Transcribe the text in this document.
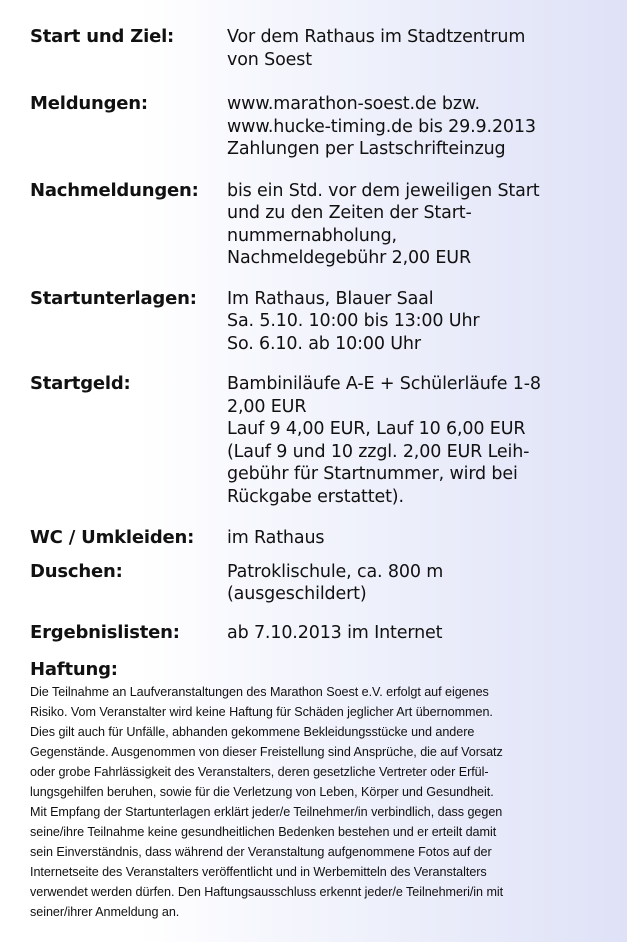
Start und Ziel:	Vor dem Rathaus im Stadtzentrum
von Soest
Meldungen:	www.marathon-soest.de bzw.
www.hucke-timing.de bis 29.9.2013
Zahlungen per Lastschrifteinzug
Nachmeldungen:	bis ein Std. vor dem jeweiligen Start
und zu den Zeiten der Start-
nummernabholung,
Nachmeldegebühr 2,00 EUR
Startunterlagen:	Im Rathaus, Blauer Saal
Sa. 5.10. 10:00 bis 13:00 Uhr
So. 6.10. ab 10:00 Uhr
Startgeld:	Bambiniläufe A-E + Schülerläufe 1-8
2,00 EUR
Lauf 9 4,00 EUR, Lauf 10 6,00 EUR
(Lauf 9 und 10 zzgl. 2,00 EUR Leih-
gebühr für Startnummer, wird bei
Rückgabe erstattet).
WC / Umkleiden:	im Rathaus
Duschen:	Patroklischule, ca. 800 m
(ausgeschildert)
Ergebnislisten:	ab 7.10.2013 im Internet
Haftung:
Die Teilnahme an Laufveranstaltungen des Marathon Soest e.V. erfolgt auf eigenes
Risiko. Vom Veranstalter wird keine Haftung für Schäden jeglicher Art übernommen.
Dies gilt auch für Unfälle, abhanden gekommene Bekleidungsstücke und andere
Gegenstände. Ausgenommen von dieser Freistellung sind Ansprüche, die auf Vorsatz
oder grobe Fahrlässigkeit des Veranstalters, deren gesetzliche Vertreter oder Erfül-
lungsgehilfen beruhen, sowie für die Verletzung von Leben, Körper und Gesundheit.
Mit Empfang der Startunterlagen erklärt jeder/e Teilnehmer/in verbindlich, dass gegen
seine/ihre Teilnahme keine gesundheitlichen Bedenken bestehen und er erteilt damit
sein Einverständnis, dass während der Veranstaltung aufgenommene Fotos auf der
Internetseite des Veranstalters veröffentlicht und in Werbemitteln des Veranstalters
verwendet werden dürfen. Den Haftungsausschluss erkennt jeder/e Teilnehmeri/in mit
seiner/ihrer Anmeldung an.
